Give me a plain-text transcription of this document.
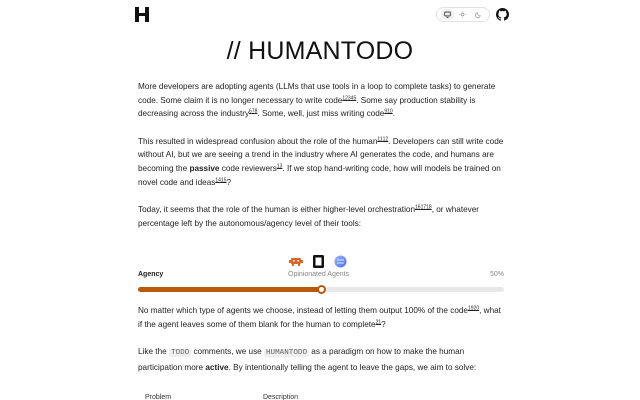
// HUMANTODO

More developers are adopting agents (LLMs that use tools in a loop to complete tasks) to generate code. Some claim it is no longer necessary to write code$^{12345}$. Some say production stability is decreasing across the industry$^{678}$. Some, well, just miss writing code$^{910}$.

This resulted in widespread confusion about the role of the human$^{1112}$. Developers can still write code without AI, but we are seeing a trend in the industry where AI generates the code, and humans are becoming the passive code reviewers$^{13}$. If we stop hand-writing code, how will models be trained on novel code and ideas$^{1415}$?

Today, it seems that the role of the human is either higher-level orchestration$^{161718}$, or whatever percentage left by the autonomous/agency level of their tools:

Agency	Opinionated Agents	50%

No matter which type of agents we choose, instead of letting them output 100% of the code$^{1920}$, what if the agent leaves some of them blank for the human to complete$^{21}$?

Like the TODO comments, we use HUMANTODO as a paradigm on how to make the human participation more active. By intentionally telling the agent to leave the gaps, we aim to solve:

Problem	Description
